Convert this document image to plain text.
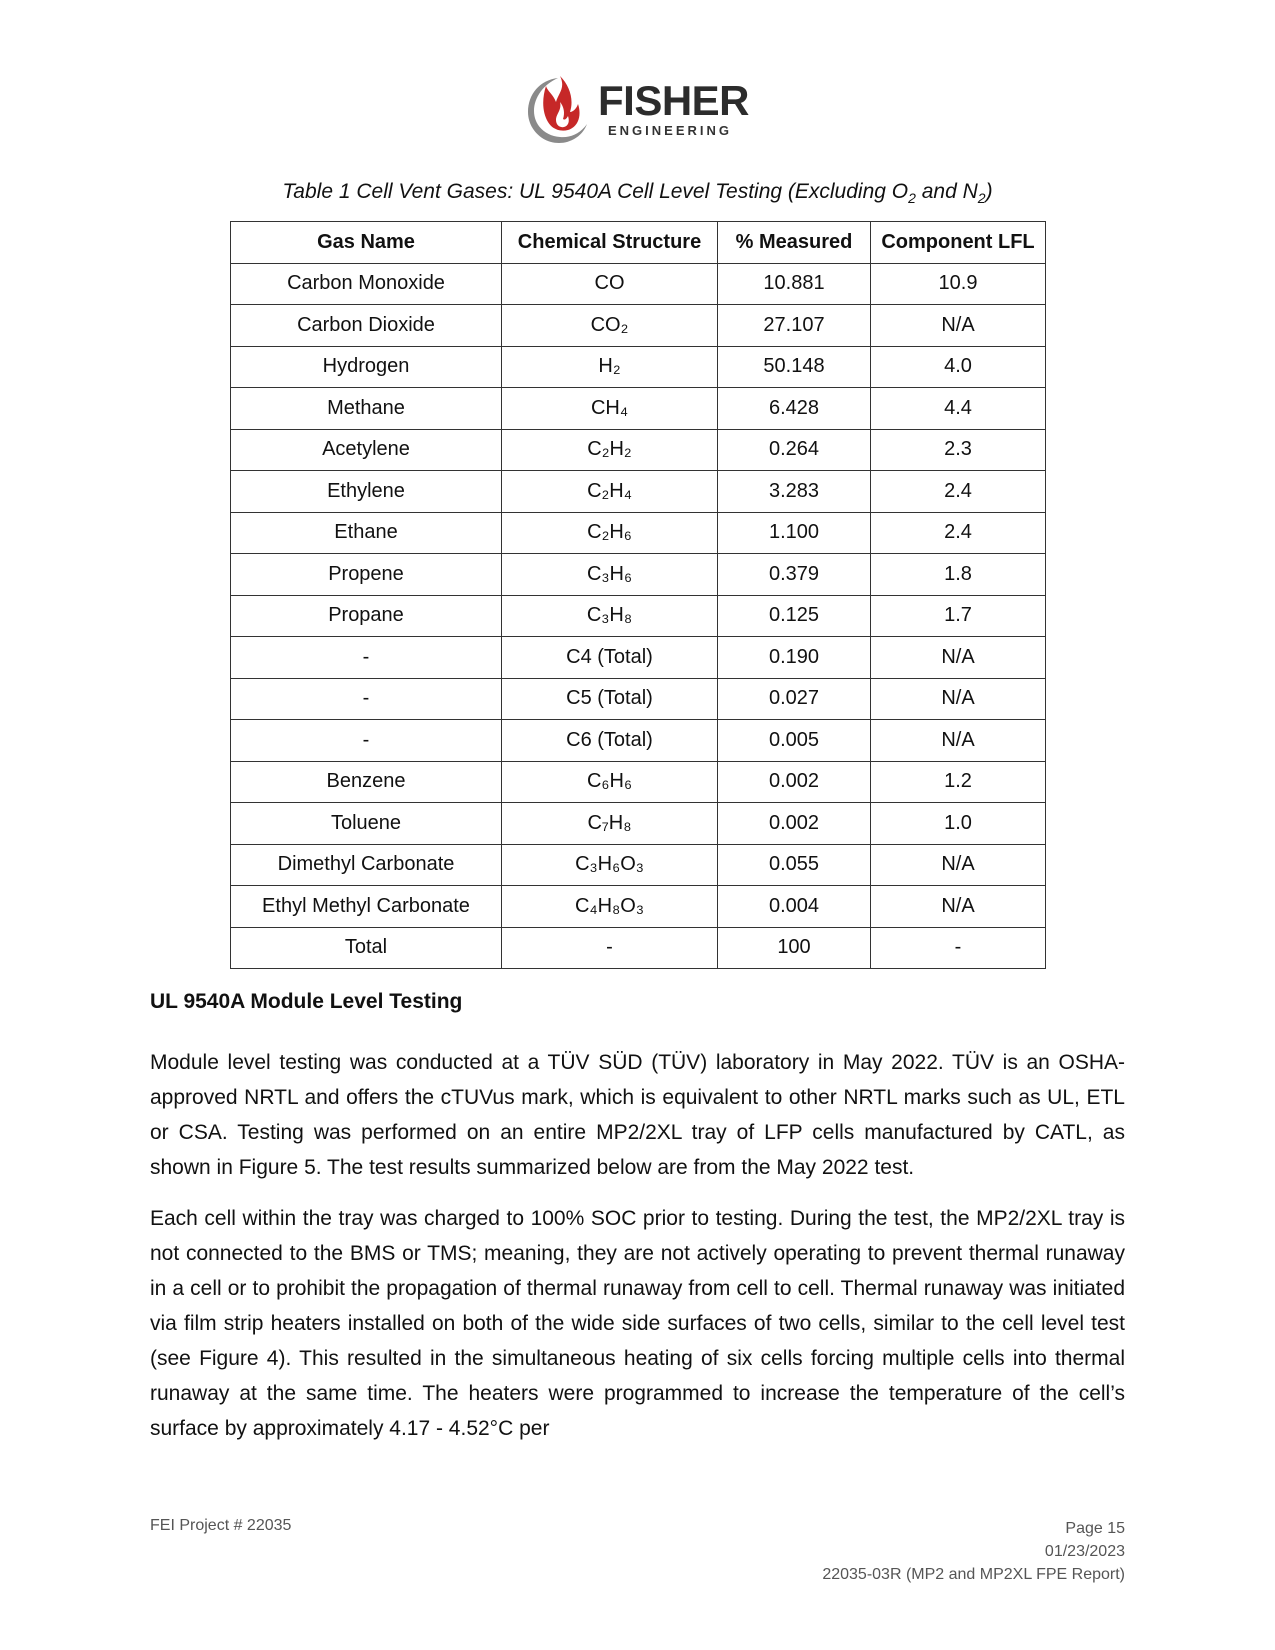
FISHER
ENGINEERING
Table 1 Cell Vent Gases: UL 9540A Cell Level Testing (Excluding $O_2$ and $N_2$)
Gas Name	Chemical Structure	% Measured	Component LFL
Carbon Monoxide	CO	10.881	10.9
Carbon Dioxide	CO₂	27.107	N/A
Hydrogen	H₂	50.148	4.0
Methane	CH₄	6.428	4.4
Acetylene	C₂H₂	0.264	2.3
Ethylene	C₂H₄	3.283	2.4
Ethane	C₂H₆	1.100	2.4
Propene	C₃H₆	0.379	1.8
Propane	C₃H₈	0.125	1.7
-	C4 (Total)	0.190	N/A
-	C5 (Total)	0.027	N/A
-	C6 (Total)	0.005	N/A
Benzene	C₆H₆	0.002	1.2
Toluene	C₇H₈	0.002	1.0
Dimethyl Carbonate	C₃H₆O₃	0.055	N/A
Ethyl Methyl Carbonate	C₄H₈O₃	0.004	N/A
Total	-	100	-
UL 9540A Module Level Testing
Module level testing was conducted at a TÜV SÜD (TÜV) laboratory in May 2022. TÜV is an OSHA-approved NRTL and offers the cTUVus mark, which is equivalent to other NRTL marks such as UL, ETL or CSA. Testing was performed on an entire MP2/2XL tray of LFP cells manufactured by CATL, as shown in Figure 5. The test results summarized below are from the May 2022 test.
Each cell within the tray was charged to 100% SOC prior to testing. During the test, the MP2/2XL tray is not connected to the BMS or TMS; meaning, they are not actively operating to prevent thermal runaway in a cell or to prohibit the propagation of thermal runaway from cell to cell. Thermal runaway was initiated via film strip heaters installed on both of the wide side surfaces of two cells, similar to the cell level test (see Figure 4). This resulted in the simultaneous heating of six cells forcing multiple cells into thermal runaway at the same time. The heaters were programmed to increase the temperature of the cell’s surface by approximately 4.17 - 4.52°C per
FEI Project # 22035	Page 15
01/23/2023
22035-03R (MP2 and MP2XL FPE Report)
